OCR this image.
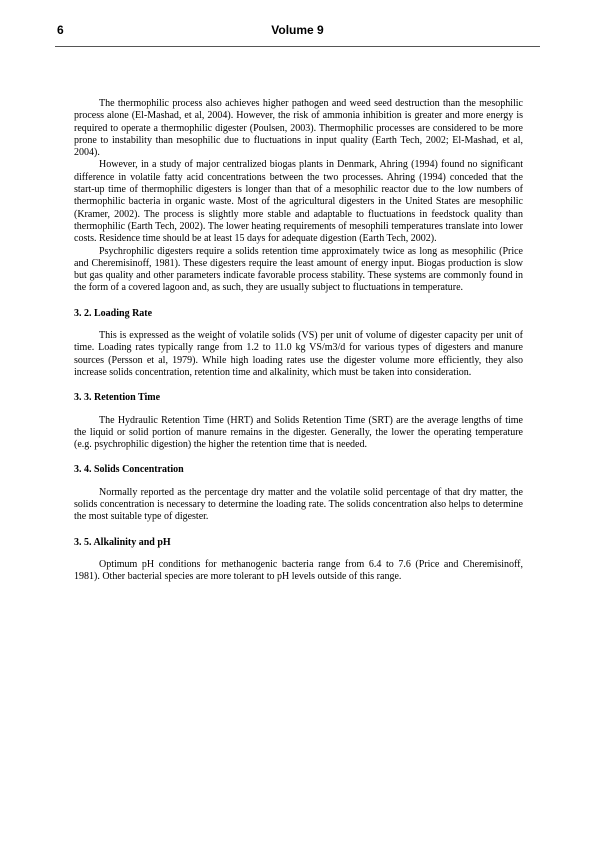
6	Volume 9

The thermophilic process also achieves higher pathogen and weed seed destruction than the mesophilic process alone (El-Mashad, et al, 2004). However, the risk of ammonia inhibition is greater and more energy is required to operate a thermophilic digester (Poulsen, 2003). Thermophilic processes are considered to be more prone to instability than mesophilic due to fluctuations in input quality (Earth Tech, 2002; El-Mashad, et al, 2004).

However, in a study of major centralized biogas plants in Denmark, Ahring (1994) found no significant difference in volatile fatty acid concentrations between the two processes. Ahring (1994) conceded that the start-up time of thermophilic digesters is longer than that of a mesophilic reactor due to the low numbers of thermophilic bacteria in organic waste. Most of the agricultural digesters in the United States are mesophilic (Kramer, 2002). The process is slightly more stable and adaptable to fluctuations in feedstock quality than thermophilic (Earth Tech, 2002). The lower heating requirements of mesophili temperatures translate into lower costs. Residence time should be at least 15 days for adequate digestion (Earth Tech, 2002).

Psychrophilic digesters require a solids retention time approximately twice as long as mesophilic (Price and Cheremisinoff, 1981). These digesters require the least amount of energy input. Biogas production is slow but gas quality and other parameters indicate favorable process stability. These systems are commonly found in the form of a covered lagoon and, as such, they are usually subject to fluctuations in temperature.

3. 2. Loading Rate

This is expressed as the weight of volatile solids (VS) per unit of volume of digester capacity per unit of time. Loading rates typically range from 1.2 to 11.0 kg VS/m3/d for various types of digesters and manure sources (Persson et al, 1979). While high loading rates use the digester volume more efficiently, they also increase solids concentration, retention time and alkalinity, which must be taken into consideration.

3. 3. Retention Time

The Hydraulic Retention Time (HRT) and Solids Retention Time (SRT) are the average lengths of time the liquid or solid portion of manure remains in the digester. Generally, the lower the operating temperature (e.g. psychrophilic digestion) the higher the retention time that is needed.

3. 4. Solids Concentration

Normally reported as the percentage dry matter and the volatile solid percentage of that dry matter, the solids concentration is necessary to determine the loading rate. The solids concentration also helps to determine the most suitable type of digester.

3. 5. Alkalinity and pH

Optimum pH conditions for methanogenic bacteria range from 6.4 to 7.6 (Price and Cheremisinoff, 1981). Other bacterial species are more tolerant to pH levels outside of this range.
